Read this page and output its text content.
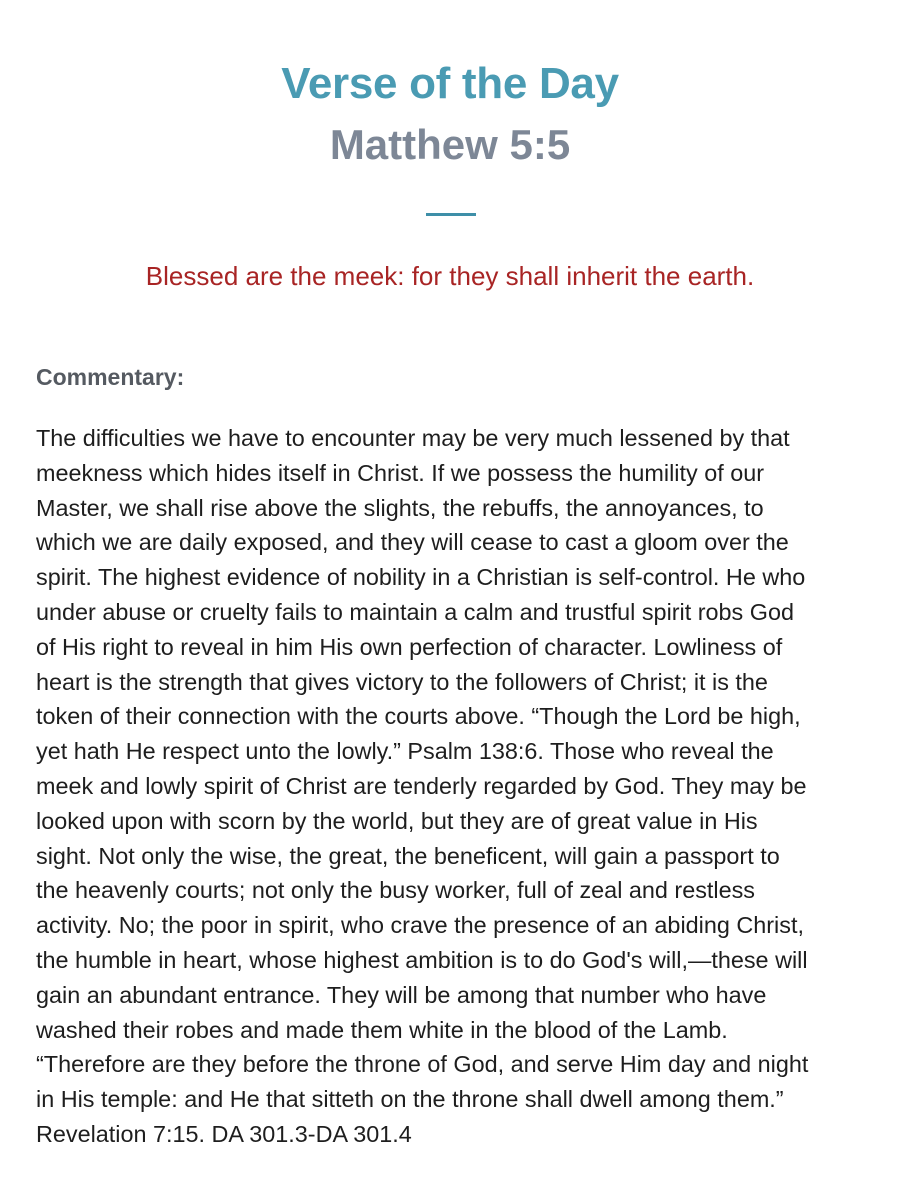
Verse of the Day
Matthew 5:5
Blessed are the meek: for they shall inherit the earth.
Commentary:
The difficulties we have to encounter may be very much lessened by that
meekness which hides itself in Christ. If we possess the humility of our
Master, we shall rise above the slights, the rebuffs, the annoyances, to
which we are daily exposed, and they will cease to cast a gloom over the
spirit. The highest evidence of nobility in a Christian is self-control. He who
under abuse or cruelty fails to maintain a calm and trustful spirit robs God
of His right to reveal in him His own perfection of character. Lowliness of
heart is the strength that gives victory to the followers of Christ; it is the
token of their connection with the courts above. “Though the Lord be high,
yet hath He respect unto the lowly.” Psalm 138:6. Those who reveal the
meek and lowly spirit of Christ are tenderly regarded by God. They may be
looked upon with scorn by the world, but they are of great value in His
sight. Not only the wise, the great, the beneficent, will gain a passport to
the heavenly courts; not only the busy worker, full of zeal and restless
activity. No; the poor in spirit, who crave the presence of an abiding Christ,
the humble in heart, whose highest ambition is to do God's will,—these will
gain an abundant entrance. They will be among that number who have
washed their robes and made them white in the blood of the Lamb.
“Therefore are they before the throne of God, and serve Him day and night
in His temple: and He that sitteth on the throne shall dwell among them.”
Revelation 7:15. DA 301.3-DA 301.4
